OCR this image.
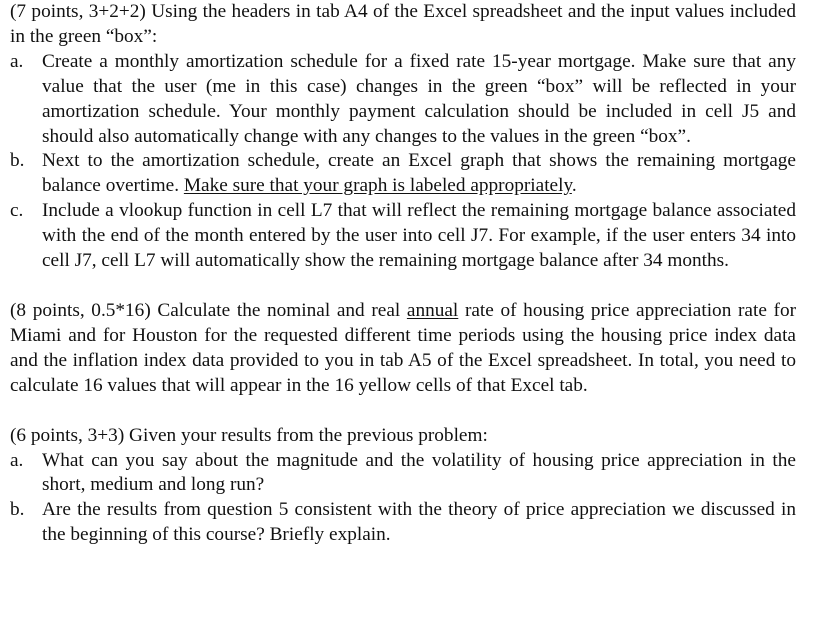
(7 points, 3+2+2) Using the headers in tab A4 of the Excel spreadsheet and the input values included in the green “box”:

a. Create a monthly amortization schedule for a fixed rate 15-year mortgage. Make sure that any value that the user (me in this case) changes in the green “box” will be reflected in your amortization schedule. Your monthly payment calculation should be included in cell J5 and should also automatically change with any changes to the values in the green “box”.
b. Next to the amortization schedule, create an Excel graph that shows the remaining mortgage balance overtime. Make sure that your graph is labeled appropriately.
c. Include a vlookup function in cell L7 that will reflect the remaining mortgage balance associated with the end of the month entered by the user into cell J7. For example, if the user enters 34 into cell J7, cell L7 will automatically show the remaining mortgage balance after 34 months.

(8 points, 0.5*16) Calculate the nominal and real annual rate of housing price appreciation rate for Miami and for Houston for the requested different time periods using the housing price index data and the inflation index data provided to you in tab A5 of the Excel spreadsheet. In total, you need to calculate 16 values that will appear in the 16 yellow cells of that Excel tab.

(6 points, 3+3) Given your results from the previous problem:

a. What can you say about the magnitude and the volatility of housing price appreciation in the short, medium and long run?
b. Are the results from question 5 consistent with the theory of price appreciation we discussed in the beginning of this course? Briefly explain.
